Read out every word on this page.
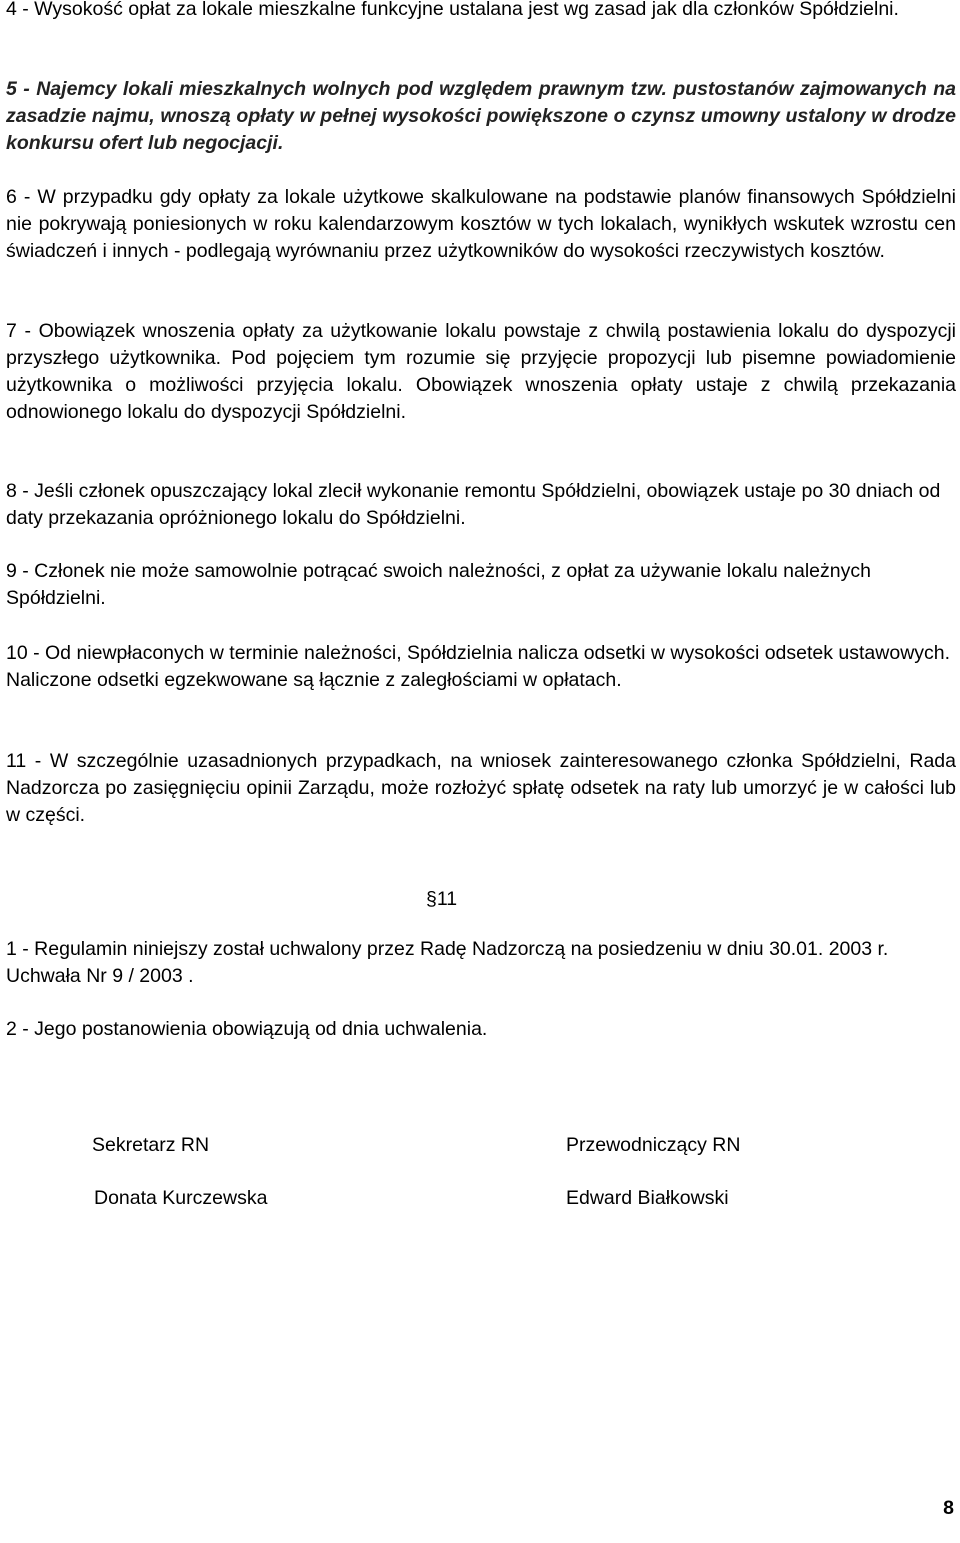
4 - Wysokość opłat za lokale mieszkalne funkcyjne ustalana jest wg zasad jak dla członków Spółdzielni.

5 - Najemcy lokali mieszkalnych wolnych pod względem prawnym tzw. pustostanów zajmowanych na zasadzie najmu, wnoszą opłaty w pełnej wysokości powiększone o czynsz umowny ustalony w drodze konkursu ofert lub negocjacji.

6 - W przypadku gdy opłaty za lokale użytkowe skalkulowane na podstawie planów finansowych Spółdzielni nie pokrywają poniesionych w roku kalendarzowym kosztów w tych lokalach, wynikłych wskutek wzrostu cen świadczeń i innych - podlegają wyrównaniu przez użytkowników do wysokości rzeczywistych kosztów.

7 - Obowiązek wnoszenia opłaty za użytkowanie lokalu powstaje z chwilą postawienia lokalu do dyspozycji przyszłego użytkownika. Pod pojęciem tym rozumie się przyjęcie propozycji lub pisemne powiadomienie użytkownika o możliwości przyjęcia lokalu. Obowiązek wnoszenia opłaty ustaje z chwilą przekazania odnowionego lokalu do dyspozycji Spółdzielni.

8 - Jeśli członek opuszczający lokal zlecił wykonanie remontu Spółdzielni, obowiązek ustaje po 30 dniach od daty przekazania opróżnionego lokalu do Spółdzielni.

9 - Członek nie może samowolnie potrącać swoich należności, z opłat za używanie lokalu należnych Spółdzielni.

10 - Od niewpłaconych w terminie należności, Spółdzielnia nalicza odsetki w wysokości odsetek ustawowych. Naliczone odsetki egzekwowane są łącznie z zaległościami w opłatach.

11 - W szczególnie uzasadnionych przypadkach, na wniosek zainteresowanego członka Spółdzielni, Rada Nadzorcza po zasięgnięciu opinii Zarządu, może rozłożyć spłatę odsetek na raty lub umorzyć je w całości lub w części.

§11

1 - Regulamin niniejszy został uchwalony przez Radę Nadzorczą na posiedzeniu w dniu 30.01. 2003 r. Uchwała Nr 9 / 2003 .

2 - Jego postanowienia obowiązują od dnia uchwalenia.

Sekretarz RN

Donata Kurczewska

Przewodniczący RN

Edward Białkowski

8
